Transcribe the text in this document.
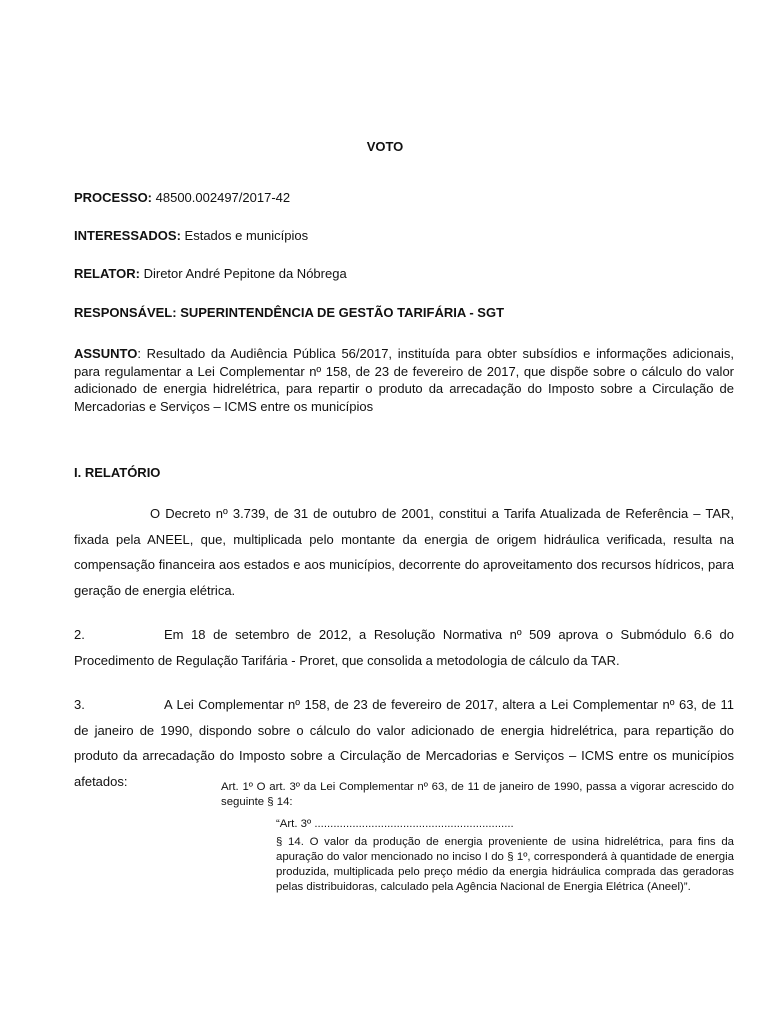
VOTO
PROCESSO: 48500.002497/2017-42
INTERESSADOS: Estados e municípios
RELATOR: Diretor André Pepitone da Nóbrega
RESPONSÁVEL: SUPERINTENDÊNCIA DE GESTÃO TARIFÁRIA - SGT
ASSUNTO: Resultado da Audiência Pública 56/2017, instituída para obter subsídios e informações adicionais, para regulamentar a Lei Complementar nº 158, de 23 de fevereiro de 2017, que dispõe sobre o cálculo do valor adicionado de energia hidrelétrica, para repartir o produto da arrecadação do Imposto sobre a Circulação de Mercadorias e Serviços – ICMS entre os municípios
I. RELATÓRIO
O Decreto nº 3.739, de 31 de outubro de 2001, constitui a Tarifa Atualizada de Referência – TAR, fixada pela ANEEL, que, multiplicada pelo montante da energia de origem hidráulica verificada, resulta na compensação financeira aos estados e aos municípios, decorrente do aproveitamento dos recursos hídricos, para geração de energia elétrica.
2.	Em 18 de setembro de 2012, a Resolução Normativa nº 509 aprova o Submódulo 6.6 do Procedimento de Regulação Tarifária - Proret, que consolida a metodologia de cálculo da TAR.
3.	A Lei Complementar nº 158, de 23 de fevereiro de 2017, altera a Lei Complementar nº 63, de 11 de janeiro de 1990, dispondo sobre o cálculo do valor adicionado de energia hidrelétrica, para repartição do produto da arrecadação do Imposto sobre a Circulação de Mercadorias e Serviços – ICMS entre os municípios afetados:	Art. 1º O art. 3º da Lei Complementar nº 63, de 11 de janeiro de 1990, passa a vigorar acrescido do seguinte § 14:
“Art. 3º ...............................................................
§ 14. O valor da produção de energia proveniente de usina hidrelétrica, para fins da apuração do valor mencionado no inciso I do § 1º, corresponderá à quantidade de energia produzida, multiplicada pelo preço médio da energia hidráulica comprada das geradoras pelas distribuidoras, calculado pela Agência Nacional de Energia Elétrica (Aneel)”.
